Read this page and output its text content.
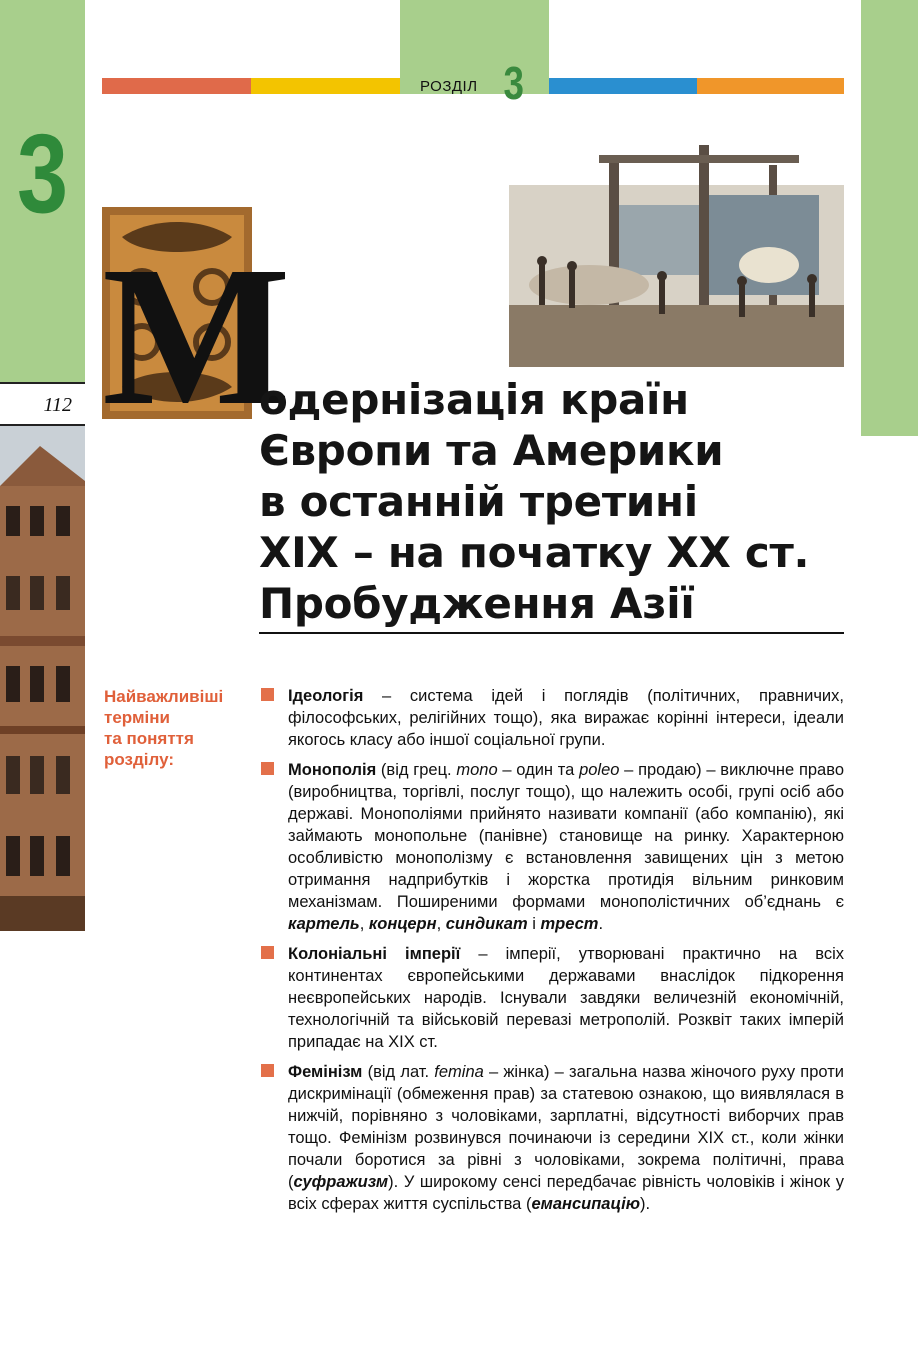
3
112
РОЗДІЛ 3
М
одернізація країн
Європи та Америки
в останній третині
ХІХ – на початку ХХ ст.
Пробудження Азії
Найважливіші
терміни
та поняття
розділу:
Ідеологія – система ідей і поглядів (політичних, правничих, філософських, релігійних тощо), яка виражає корінні інтереси, ідеали якогось класу або іншої соціальної групи.
Монополія (від грец. mono – один та poleo – продаю) – виключне право (виробництва, торгівлі, послуг тощо), що належить особі, групі осіб або державі. Монополіями прийнято називати компанії (або компанію), які займають монопольне (панівне) становище на ринку. Характерною особливістю монополізму є встановлення завищених цін з метою отримання надприбутків і жорстка протидія вільним ринковим механізмам. Поширеними формами монополістичних об’єднань є картель, концерн, синдикат і трест.
Колоніальні імперії – імперії, утворювані практично на всіх континентах європейськими державами внаслідок підкорення неєвропейських народів. Існували завдяки величезній економічній, технологічній та військовій перевазі метрополій. Розквіт таких імперій припадає на ХІХ ст.
Фемінізм (від лат. femina – жінка) – загальна назва жіночого руху проти дискримінації (обмеження прав) за статевою ознакою, що виявлялася в нижчій, порівняно з чоловіками, зарплатні, відсутності виборчих прав тощо. Фемінізм розвинувся починаючи із середини ХІХ ст., коли жінки почали боротися за рівні з чоловіками, зокрема політичні, права (суфражизм). У широкому сенсі передбачає рівність чоловіків і жінок у всіх сферах життя суспільства (емансипацію).
